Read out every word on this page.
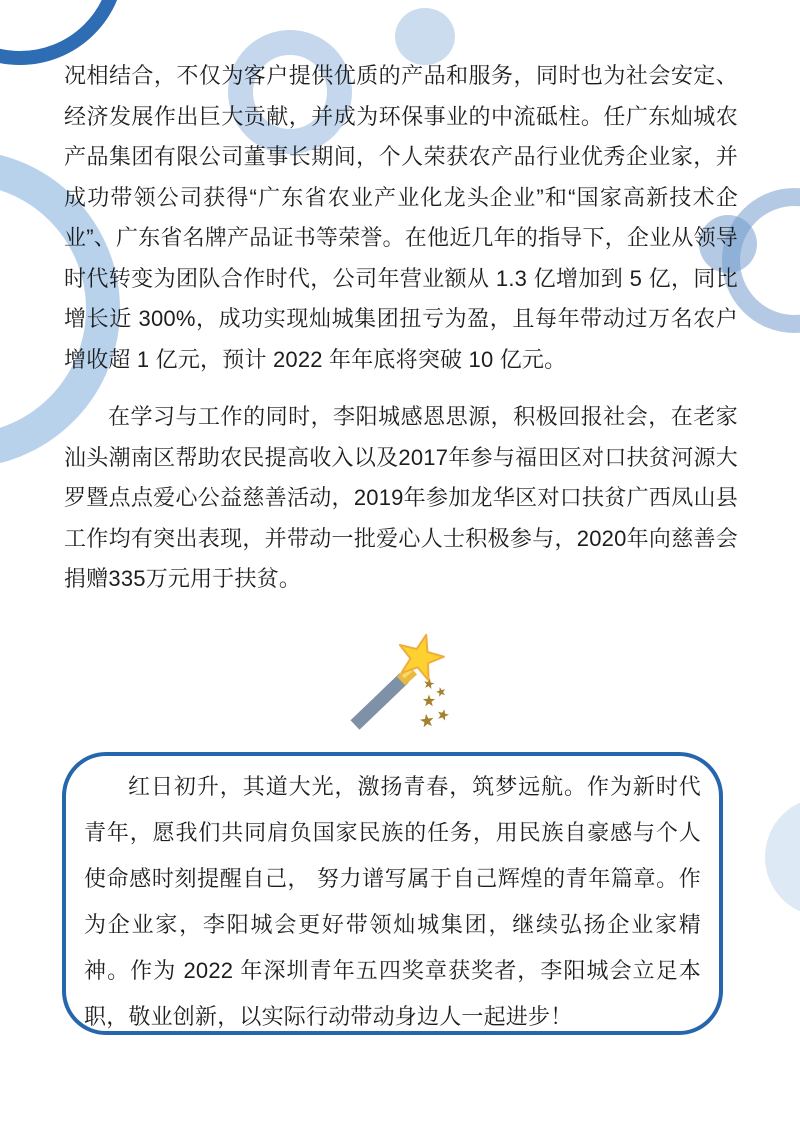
况相结合，不仅为客户提供优质的产品和服务，同时也为社会安定、经济发展作出巨大贡献，并成为环保事业的中流砥柱。任广东灿城农产品集团有限公司董事长期间，个人荣获农产品行业优秀企业家，并成功带领公司获得“广东省农业产业化龙头企业”和“国家高新技术企业”、广东省名牌产品证书等荣誉。在他近几年的指导下，企业从领导时代转变为团队合作时代，公司年营业额从 1.3 亿增加到 5 亿，同比增长近 300%，成功实现灿城集团扭亏为盈，且每年带动过万名农户增收超 1 亿元，预计 2022 年年底将突破 10 亿元。

在学习与工作的同时，李阳城感恩思源，积极回报社会，在老家汕头潮南区帮助农民提高收入以及2017年参与福田区对口扶贫河源大罗暨点点爱心公益慈善活动，2019年参加龙华区对口扶贫广西凤山县工作均有突出表现，并带动一批爱心人士积极参与，2020年向慈善会捐赠335万元用于扶贫。

红日初升，其道大光，激扬青春，筑梦远航。作为新时代青年，愿我们共同肩负国家民族的任务，用民族自豪感与个人使命感时刻提醒自己， 努力谱写属于自己辉煌的青年篇章。作为企业家，李阳城会更好带领灿城集团，继续弘扬企业家精神。作为 2022 年深圳青年五四奖章获奖者，李阳城会立足本职，敬业创新，以实际行动带动身边人一起进步！
